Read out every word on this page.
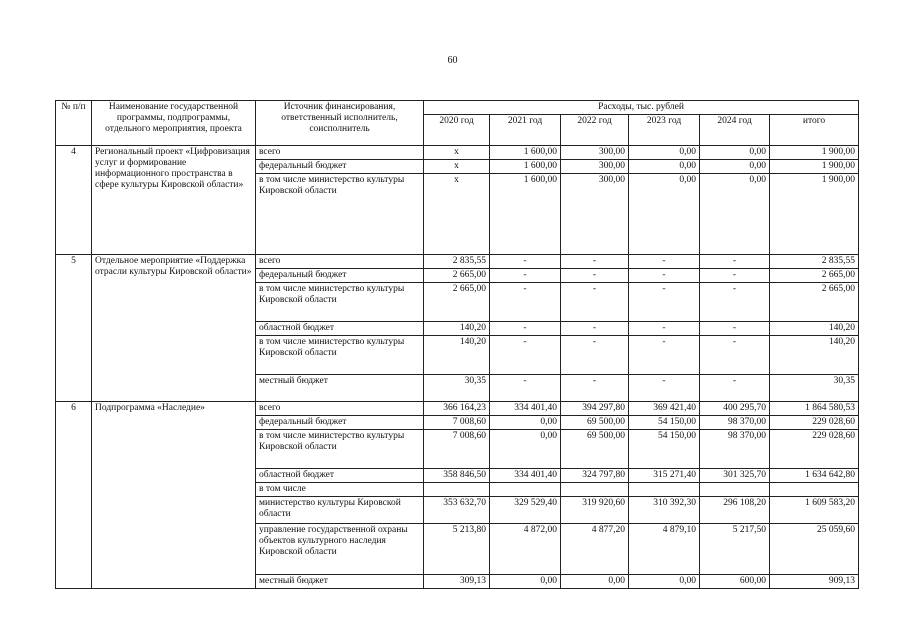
60
№ п/п	Наименование государственной программы, подпрограммы, отдельного мероприятия, проекта	Источник финансирования, ответственный исполнитель, соисполнитель	Расходы, тыс. рублей					
			2020 год	2021 год	2022 год	2023 год	2024 год	итого
4	Региональный проект «Цифровизация услуг и формирование информационного пространства в сфере культуры Кировской области»	всего	x	1 600,00	300,00	0,00	0,00	1 900,00
		федеральный бюджет	x	1 600,00	300,00	0,00	0,00	1 900,00
		в том числе министерство культуры Кировской области	x	1 600,00	300,00	0,00	0,00	1 900,00
5	Отдельное мероприятие «Поддержка отрасли культуры Кировской области»	всего	2 835,55	-	-	-	-	2 835,55
		федеральный бюджет	2 665,00	-	-	-	-	2 665,00
		в том числе министерство культуры Кировской области	2 665,00	-	-	-	-	2 665,00
		областной бюджет	140,20	-	-	-	-	140,20
		в том числе министерство культуры Кировской области	140,20	-	-	-	-	140,20
		местный бюджет	30,35	-	-	-	-	30,35
6	Подпрограмма «Наследие»	всего	366 164,23	334 401,40	394 297,80	369 421,40	400 295,70	1 864 580,53
		федеральный бюджет	7 008,60	0,00	69 500,00	54 150,00	98 370,00	229 028,60
		в том числе министерство культуры Кировской области	7 008,60	0,00	69 500,00	54 150,00	98 370,00	229 028,60
		областной бюджет	358 846,50	334 401,40	324 797,80	315 271,40	301 325,70	1 634 642,80
		в том числе						
		министерство культуры Кировской области	353 632,70	329 529,40	319 920,60	310 392,30	296 108,20	1 609 583,20
		управление государственной охраны объектов культурного наследия Кировской области	5 213,80	4 872,00	4 877,20	4 879,10	5 217,50	25 059,60
		местный бюджет	309,13	0,00	0,00	0,00	600,00	909,13
